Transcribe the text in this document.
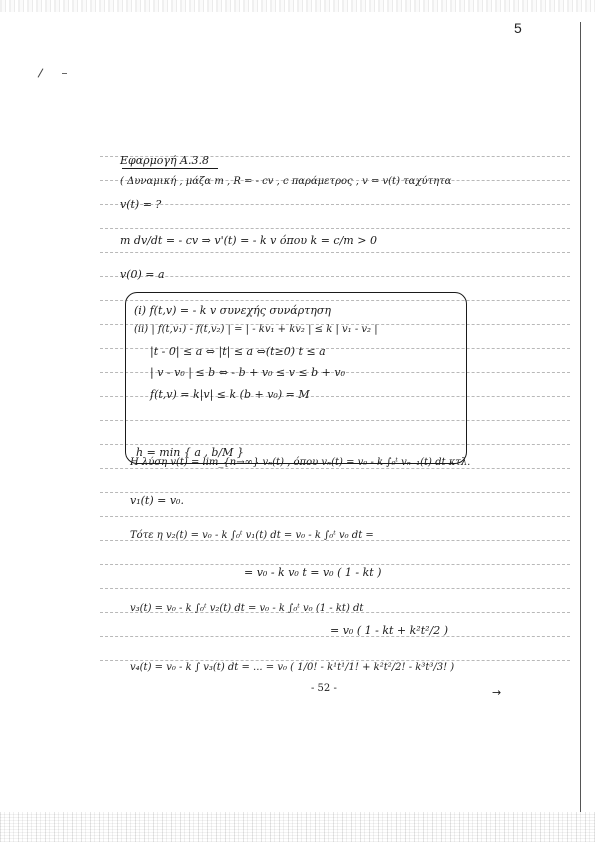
5
Εφαρμογή Α.3.8
( Δυναμική , μάζα m , R = - cv , c παράμετρος , v = v(t) ταχύτητα
v(t) = ?
m dv/dt = - cv ⇒ v'(t) = - k v όπου k = c/m > 0
v(0) = a
(i) f(t,v) = - k v συνεχής συνάρτηση
(ii) | f(t,v₁) - f(t,v₂) | = | - kv₁ + kv₂ | ≤ k | v₁ - v₂ |
|t - 0| ≤ a ⇔ |t| ≤ a ⇔(t≥0) t ≤ a
| v - v₀ | ≤ b ⇔ - b + v₀ ≤ v ≤ b + v₀
f(t,v) = k|v| ≤ k (b + v₀) = M
h = min { a , b/M }
Η λύση v(t) = lim_{n→∞} vₙ(t) , όπου vₙ(t) = v₀ - k ∫₀ᵗ vₙ₋₁(t) dt κτλ.
v₁(t) = v₀.
Τότε η v₂(t) = v₀ - k ∫₀ᵗ v₁(t) dt = v₀ - k ∫₀ᵗ v₀ dt =
= v₀ - k v₀ t = v₀ ( 1 - kt )
v₃(t) = v₀ - k ∫₀ᵗ v₂(t) dt = v₀ - k ∫₀ᵗ v₀ (1 - kt) dt
= v₀ ( 1 - kt + k²t²/2 )
v₄(t) = v₀ - k ∫ v₃(t) dt = ... = v₀ ( 1/0! - k¹t¹/1! + k²t²/2! - k³t³/3! )
→
- 52 -
